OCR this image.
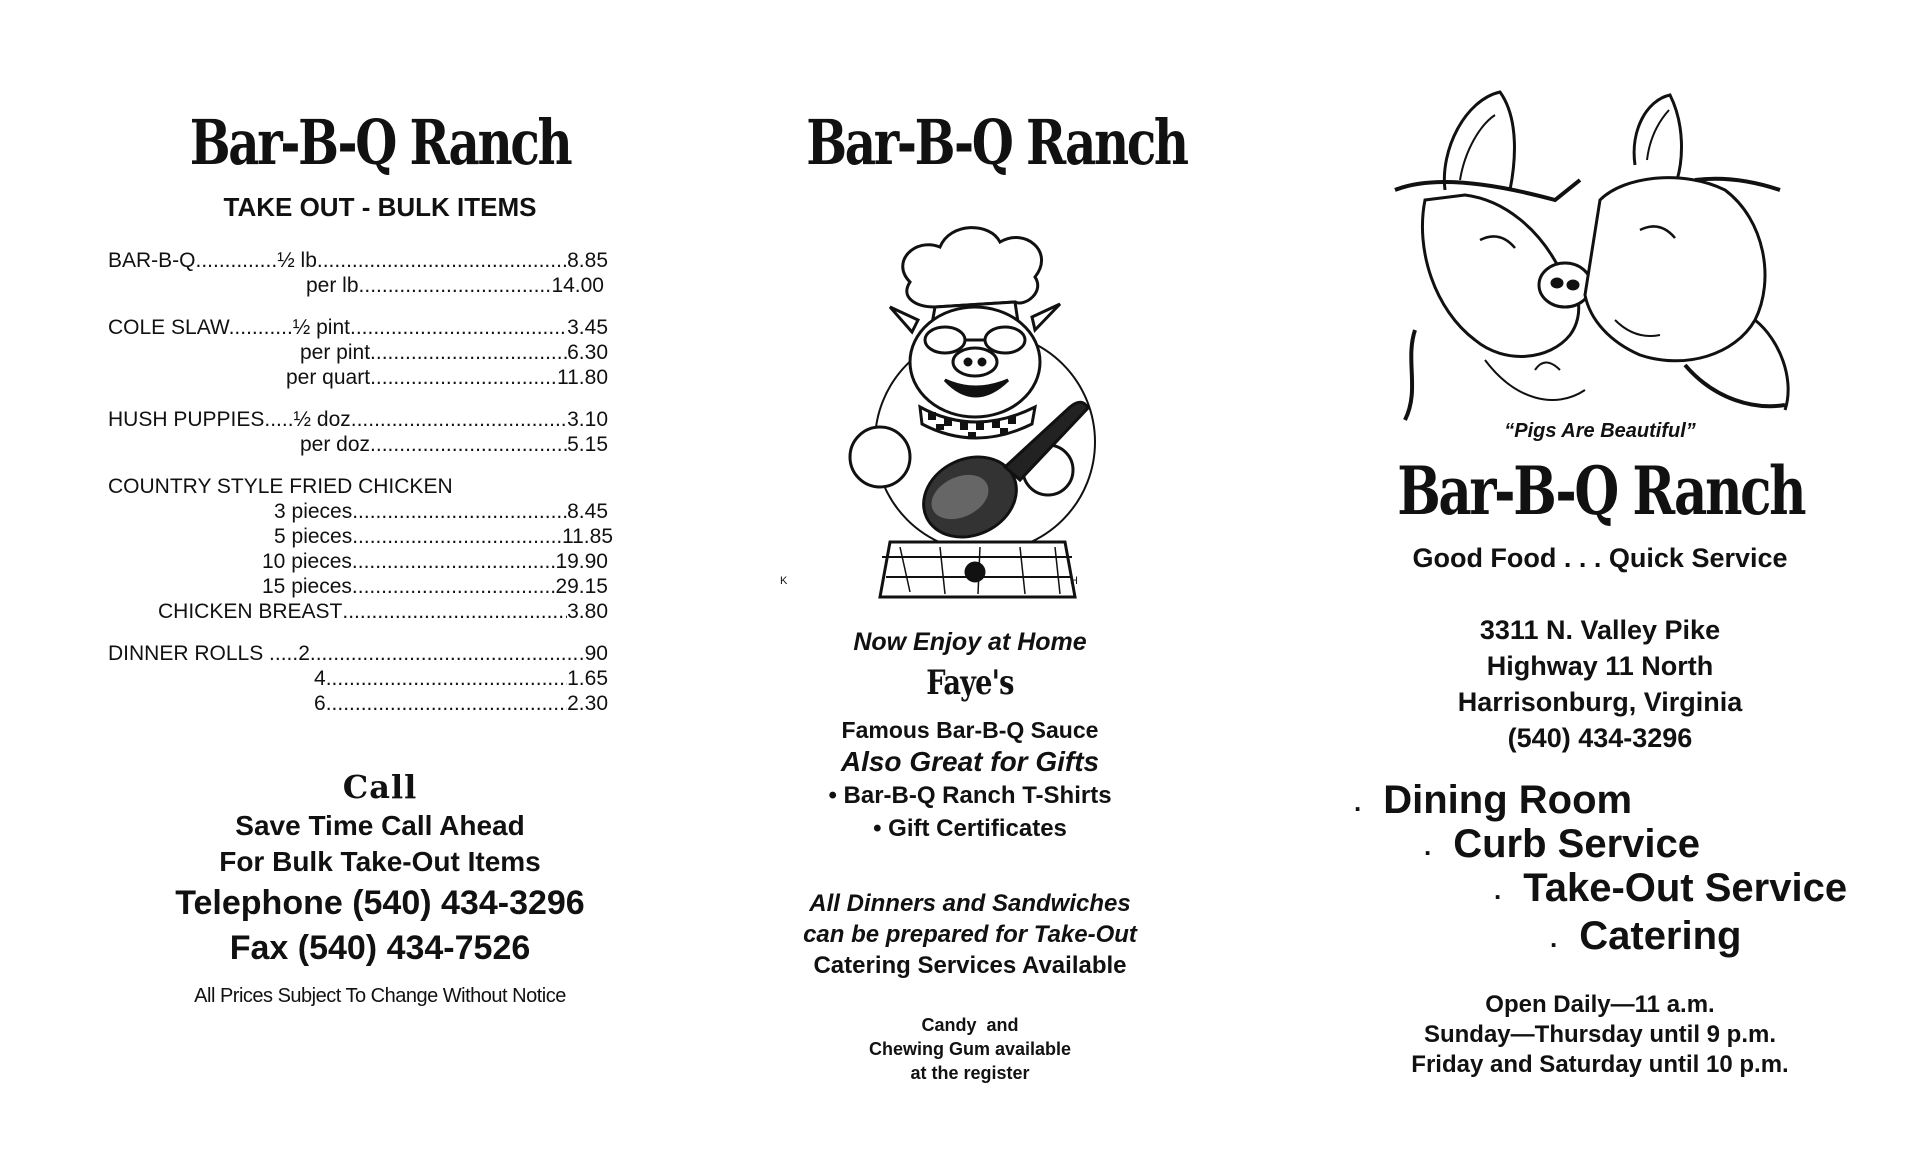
Bar-B-Q Ranch
TAKE OUT - BULK ITEMS
BAR-B-Q..............½ lb .....	8.85
per lb .....	14.00
COLE SLAW...........½ pint .....	3.45
per pint .....	6.30
per quart .....	11.80
HUSH PUPPIES.....½ doz. .....	3.10
per doz. .....	5.15
COUNTRY STYLE FRIED CHICKEN
3 pieces .....	8.45
5 pieces .....	11.85
10 pieces .....	19.90
15 pieces .....	29.15
CHICKEN BREAST .....	3.80
DINNER ROLLS .....2 .....	.90
4 .....	1.65
6 .....	2.30
Call
Save Time Call Ahead
For Bulk Take-Out Items
Telephone (540) 434-3296
Fax (540) 434-7526
All Prices Subject To Change Without Notice
Bar-B-Q Ranch
K	H
Now Enjoy at Home
Faye's
Famous Bar-B-Q Sauce
Also Great for Gifts
• Bar-B-Q Ranch T-Shirts
• Gift Certificates
All Dinners and Sandwiches
can be prepared for Take-Out
Catering Services Available
Candy  and
Chewing Gum available
at the register
“Pigs Are Beautiful”
Bar-B-Q Ranch
Good Food . . . Quick Service
3311 N. Valley Pike
Highway 11 North
Harrisonburg, Virginia
(540) 434-3296
. Dining Room
. Curb Service
. Take-Out Service
. Catering
Open Daily—11 a.m.
Sunday—Thursday until 9 p.m.
Friday and Saturday until 10 p.m.
